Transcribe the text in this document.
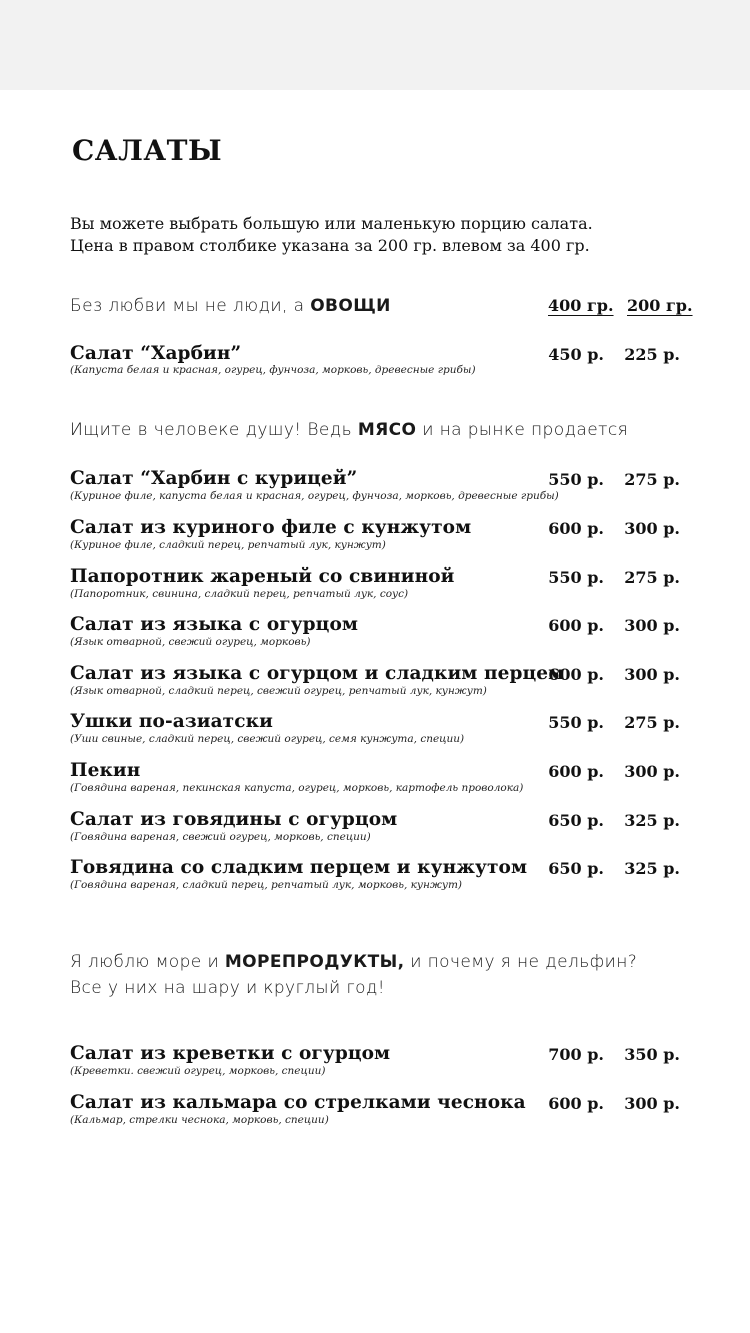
САЛАТЫ
Вы можете выбрать большую или маленькую порцию салата.
Цена в правом столбике указана за 200 гр. влевом за 400 гр.
Без любви мы не люди, а ОВОЩИ	400 гр. 200 гр.
Салат “Харбин”
(Капуста белая и красная, огурец, фунчоза, морковь, древесные грибы)
450 р. 225 р.
Ищите в человеке душу! Ведь МЯСО и на рынке продается
Салат “Харбин с курицей”
(Куриное филе, капуста белая и красная, огурец, фунчоза, морковь, древесные грибы)
550 р. 275 р.
Салат из куриного филе с кунжутом
(Куриное филе, сладкий перец, репчатый лук, кунжут)
600 р. 300 р.
Папоротник жареный со свининой
(Папоротник, свинина, сладкий перец, репчатый лук, соус)
550 р. 275 р.
Салат из языка с огурцом
(Язык отварной, свежий огурец, морковь)
600 р. 300 р.
Салат из языка с огурцом и сладким перцем
(Язык отварной, сладкий перец, свежий огурец, репчатый лук, кунжут)
600 р. 300 р.
Ушки по-азиатски
(Уши свиные, сладкий перец, свежий огурец, семя кунжута, специи)
550 р. 275 р.
Пекин
(Говядина вареная, пекинская капуста, огурец, морковь, картофель проволока)
600 р. 300 р.
Салат из говядины с огурцом
(Говядина вареная, свежий огурец, морковь, специи)
650 р. 325 р.
Говядина со сладким перцем и кунжутом
(Говядина вареная, сладкий перец, репчатый лук, морковь, кунжут)
650 р. 325 р.
Я люблю море и МОРЕПРОДУКТЫ, и почему я не дельфин?
Все у них на шару и круглый год!
Салат из креветки с огурцом
(Креветки. свежий огурец, морковь, специи)
700 р. 350 р.
Салат из кальмара со стрелками чеснока
(Кальмар, стрелки чеснока, морковь, специи)
600 р. 300 р.
